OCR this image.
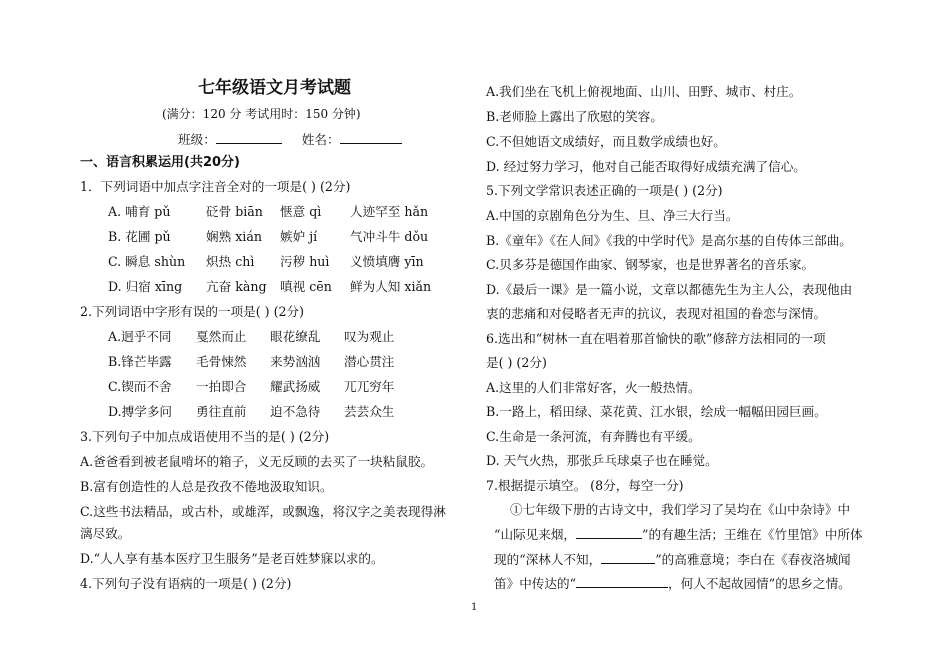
七年级语文月考试题
(满分：120 分 考试用时：150 分钟)
班级：	姓名：
一、语言积累运用(共20分)
1．下列词语中加点字注音全对的一项是( ) (2分)
A. 哺育 pǔ	砭骨 biān	惬意 qì	人迹罕至 hǎn
B. 花圃 pǔ	娴熟 xián	嫉妒 jí	气冲斗牛 dǒu
C. 瞬息 shùn	炽热 chì	污秽 huì	义愤填膺 yīn
D. 归宿 xīng	亢奋 kàng	嗔视 cēn	鲜为人知 xiǎn
2.下列词语中字形有误的一项是( ) (2分)
A.迥乎不同	戛然而止	眼花缭乱	叹为观止
B.锋芒毕露	毛骨悚然	来势汹汹	潜心贯注
C.锲而不舍	一拍即合	耀武扬威	兀兀穷年
D.搏学多问	勇往直前	迫不急待	芸芸众生
3.下列句子中加点成语使用不当的是( ) (2分)
A.爸爸看到被老鼠啃坏的箱子，义无反顾的去买了一块粘鼠胶。
B.富有创造性的人总是孜孜不倦地汲取知识。
C.这些书法精品，或古朴，或雄浑，或飘逸，将汉字之美表现得淋
漓尽致。
D.“人人享有基本医疗卫生服务”是老百姓梦寐以求的。
4.下列句子没有语病的一项是( ) (2分)
A.我们坐在飞机上俯视地面、山川、田野、城市、村庄。
B.老师脸上露出了欣慰的笑容。
C.不但她语文成绩好，而且数学成绩也好。
D. 经过努力学习，他对自己能否取得好成绩充满了信心。
5.下列文学常识表述正确的一项是( ) (2分)
A.中国的京剧角色分为生、旦、净三大行当。
B.《童年》《在人间》《我的中学时代》是高尔基的自传体三部曲。
C.贝多芬是德国作曲家、钢琴家，也是世界著名的音乐家。
D.《最后一课》是一篇小说，文章以都德先生为主人公，表现他由
衷的悲痛和对侵略者无声的抗议，表现对祖国的眷恋与深情。
6.选出和“树林一直在唱着那首愉快的歌”修辞方法相同的一项
是( ) (2分)
A.这里的人们非常好客，火一般热情。
B.一路上，稻田绿、菜花黄、江水银，绘成一幅幅田园巨画。
C.生命是一条河流，有奔腾也有平缓。
D. 天气火热，那张乒乓球桌子也在睡觉。
7.根据提示填空。 (8分，每空一分)
①七年级下册的古诗文中，我们学习了吴均在《山中杂诗》中
“山际见来烟，	”的有趣生活；王维在《竹里馆》中所体
现的“深林人不知，	”的高雅意境；李白在《春夜洛城闻
笛》中传达的“	，何人不起故园情”的思乡之情。
1
